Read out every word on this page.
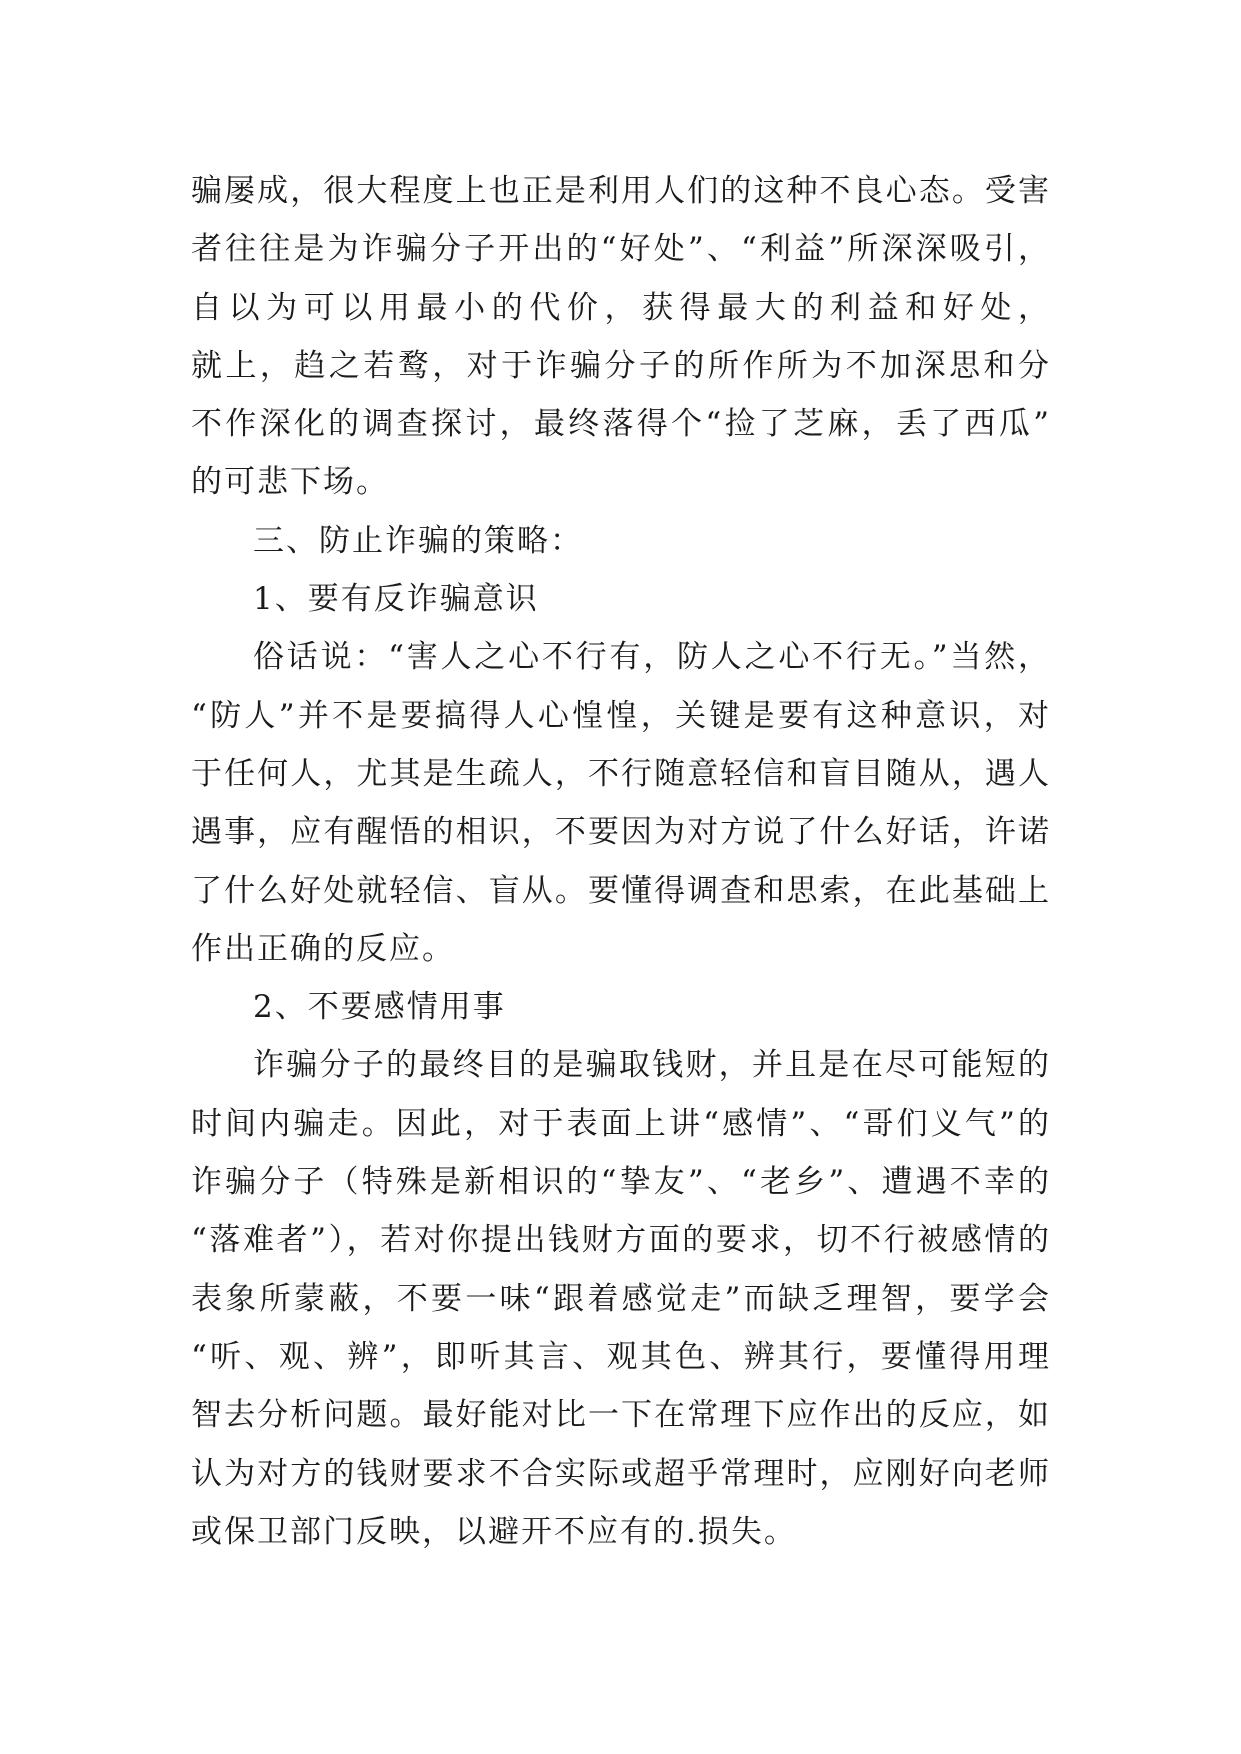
骗屡成，很大程度上也正是利用人们的这种不良心态。受害
者往往是为诈骗分子开出的“好处”、“利益”所深深吸引，
自以为可以用最小的代价，获得最大的利益和好处，
就上，趋之若鹜，对于诈骗分子的所作所为不加深思和分
不作深化的调查探讨，最终落得个“捡了芝麻，丢了西瓜”
的可悲下场。
三、防止诈骗的策略：
1、要有反诈骗意识
俗话说：“害人之心不行有，防人之心不行无。”当然，
“防人”并不是要搞得人心惶惶，关键是要有这种意识，对
于任何人，尤其是生疏人，不行随意轻信和盲目随从，遇人
遇事，应有醒悟的相识，不要因为对方说了什么好话，许诺
了什么好处就轻信、盲从。要懂得调查和思索，在此基础上
作出正确的反应。
2、不要感情用事
诈骗分子的最终目的是骗取钱财，并且是在尽可能短的
时间内骗走。因此，对于表面上讲“感情”、“哥们义气”的
诈骗分子（特殊是新相识的“挚友”、“老乡”、遭遇不幸的
“落难者”），若对你提出钱财方面的要求，切不行被感情的
表象所蒙蔽，不要一味“跟着感觉走”而缺乏理智，要学会
“听、观、辨”，即听其言、观其色、辨其行，要懂得用理
智去分析问题。最好能对比一下在常理下应作出的反应，如
认为对方的钱财要求不合实际或超乎常理时，应刚好向老师
或保卫部门反映，以避开不应有的.损失。
